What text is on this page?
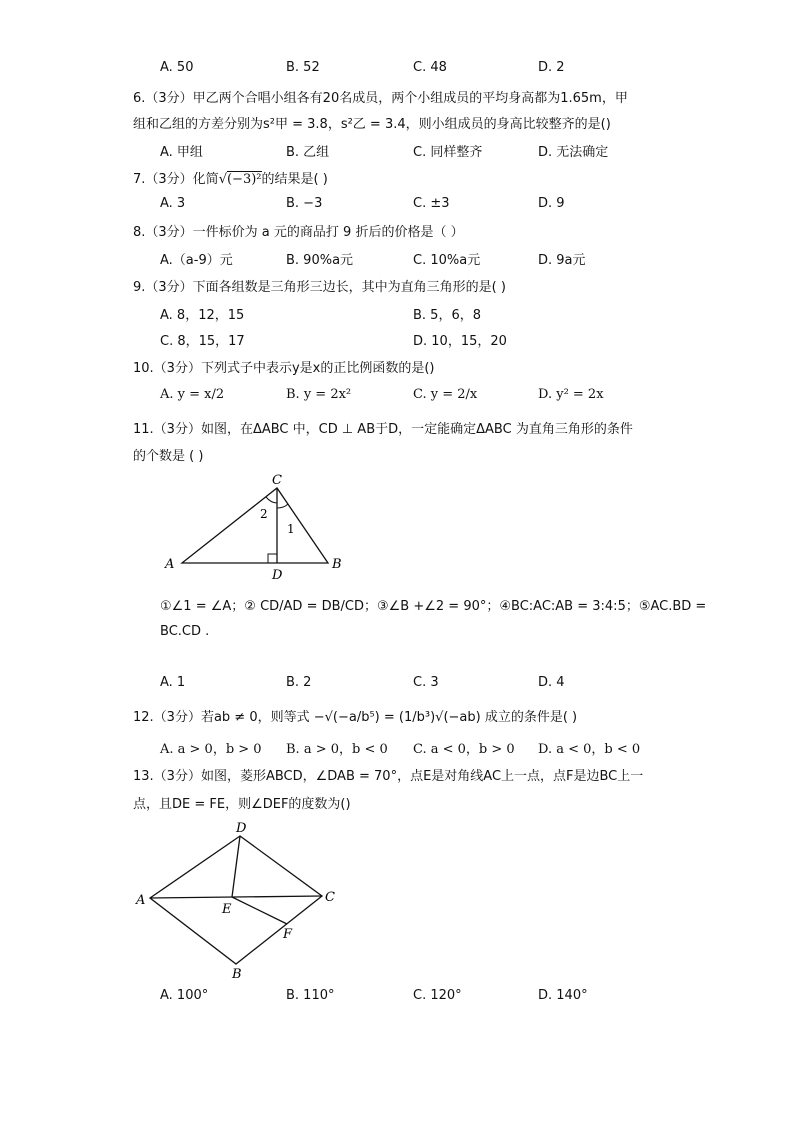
A. 50	B. 52	C. 48	D. 2
6.（3分）甲乙两个合唱小组各有20名成员，两个小组成员的平均身高都为1.65m，甲
组和乙组的方差分别为s²甲 = 3.8，s²乙 = 3.4，则小组成员的身高比较整齐的是()
A. 甲组	B. 乙组	C. 同样整齐	D. 无法确定
7.（3分）化简√(−3)²的结果是( )
A. 3	B. −3	C. ±3	D. 9
8.（3分）一件标价为 a 元的商品打 9 折后的价格是（ ）
A.（a-9）元	B. 90%a元	C. 10%a元	D. 9a元
9.（3分）下面各组数是三角形三边长，其中为直角三角形的是( )
A. 8，12，15	B. 5，6，8
C. 8，15，17	D. 10，15，20
10.（3分）下列式子中表示y是x的正比例函数的是()
A. y = x/2	B. y = 2x²	C. y = 2/x	D. y² = 2x
11.（3分）如图，在ΔABC 中，CD ⊥ AB于D，一定能确定ΔABC 为直角三角形的条件
的个数是 ( )
C
A	B
D
1
2
①∠1 = ∠A；② CD/AD = DB/CD；③∠B +∠2 = 90°；④BC:AC:AB = 3:4:5；⑤AC.BD =
BC.CD .
A. 1	B. 2	C. 3	D. 4
12.（3分）若ab ≠ 0，则等式 −√(−a/b⁵) = (1/b³)√(−ab) 成立的条件是( )
A. a > 0，b > 0 B. a > 0，b < 0 C. a < 0，b > 0 D. a < 0，b < 0
13.（3分）如图，菱形ABCD，∠DAB = 70°，点E是对角线AC上一点，点F是边BC上一
点，且DE = FE，则∠DEF的度数为()
D
A
E
C
F
B
A. 100°	B. 110°	C. 120°	D. 140°
